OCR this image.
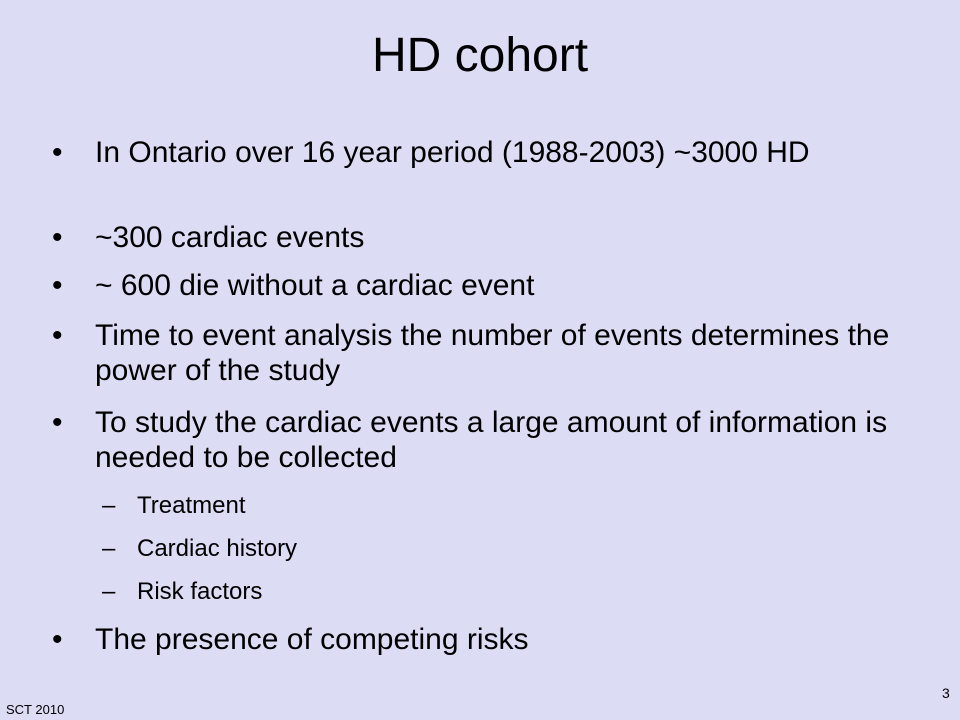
HD cohort
• In Ontario over 16 year period (1988-2003) ~3000 HD
• ~300 cardiac events
• ~ 600 die without a cardiac event
• Time to event analysis the number of events determines the power of the study
• To study the cardiac events a large amount of information is needed to be collected
– Treatment
– Cardiac history
– Risk factors
• The presence of competing risks
SCT 2010
3
